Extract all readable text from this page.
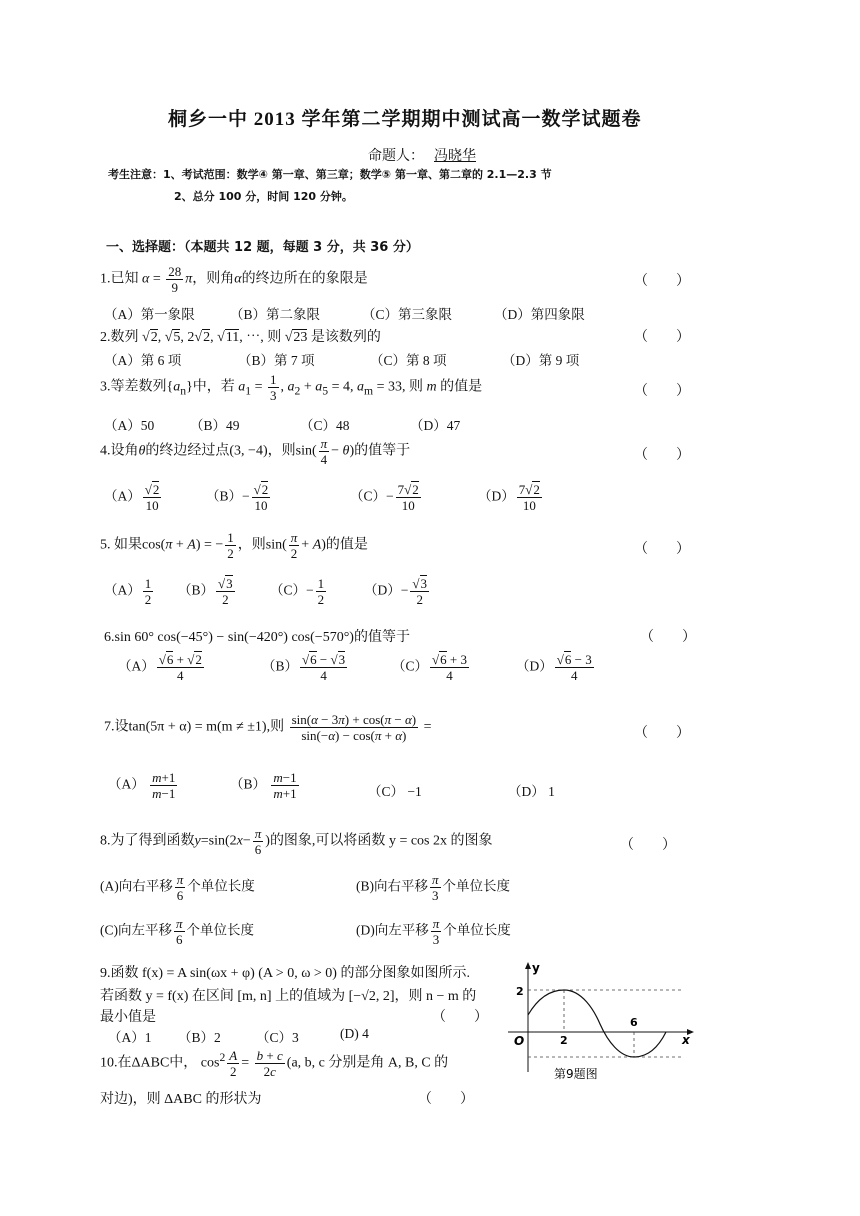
桐乡一中 2013 学年第二学期期中测试高一数学试题卷
命题人： 冯晓华
考生注意：1、考试范围：数学④ 第一章、第三章；数学⑤ 第一章、第二章的 2.1—2.3 节
2、总分 100 分，时间 120 分钟。
一、选择题：（本题共 12 题，每题 3 分，共 36 分）
1.已知 $\alpha = \frac{28}{9}$ π，则角α的终边所在的象限是	（　　）
（A）第一象限	（B）第二象限	（C）第三象限	（D）第四象限
2.数列 √2, √5, 2√2, √11, ⋯, 则 √23 是该数列的	（　　）
（A）第 6 项	（B）第 7 项	（C）第 8 项	（D）第 9 项
3.等差数列$\{a_n\}$中，若 $a_1 = \frac{1}{3}$ , $a_2 + a_5 = 4$, $a_m = 33$, 则 m 的值是	（　　）
（A）50	（B）49	（C）48	（D）47
4.设角θ的终边经过点(3, −4)，则$\sin( \frac{\pi}{4} - \theta)$的值等于	（　　）
$(A) \frac{√2}{10}$	$(B)- \frac{√2}{10}$	$(C)- \frac{7√2}{10}$	$(D) \frac{7√2}{10}$
5. 如果cos(π + A) = − $\frac{1}{2}$ ，则$\sin( \frac{\pi}{2} + A)$的值是	（　　）
$(A) \frac{1}{2} (B) \frac{√3}{2}$	$(C)- \frac{1}{2}$	$(D)- \frac{√3}{2}$
6.sin 60° cos(−45°) − sin(−420°) cos(−570°)的值等于	（　　）
$(A) \frac{√6 + √2}{4}$	$(B) \frac{√6 - √3}{4}$	$(C) \frac{√6 + 3}{4}$	$(D) \frac{√6 - 3}{4}$
7.设tan(5π + α) = m(m ≠ ±1),则 $\frac{\sin(\alpha - 3\pi) + \cos(\pi - \alpha)}{\sin(-\alpha) - \cos(\pi + \alpha)}$ =	（　　）
$(A) \frac{m+1}{m-1}$	$(B) \frac{m-1}{m+1}$	（C） −1	（D） 1
8.为了得到函数$y=\sin(2x- \frac{\pi}{6}$ )的图象,可以将函数 y = cos 2x 的图象	（　　）
(A)向右平移 $\frac{\pi}{6}$ 个单位长度	(B)向右平移 $\frac{\pi}{3}$ 个单位长度
(C)向左平移 $\frac{\pi}{6}$ 个单位长度	(D)向左平移 $\frac{\pi}{3}$ 个单位长度
9.函数 f(x) = A sin(ωx + φ) (A > 0, ω > 0) 的部分图象如图所示.
若函数 y = f(x) 在区间 [m, n] 上的值域为 [−√2, 2]，则 n − m 的
最小值是	（　　）
（A）1 （B）2	（C）3	(D) 4
10.在ΔABC中， $\cos^2 \frac{A}{2} = \frac{b + c}{2c} (a$, b, c 分别是角 A, B, C 的
对边)，则 ΔABC 的形状为	（　　）
y
x
O
2
2
6
第9题图
